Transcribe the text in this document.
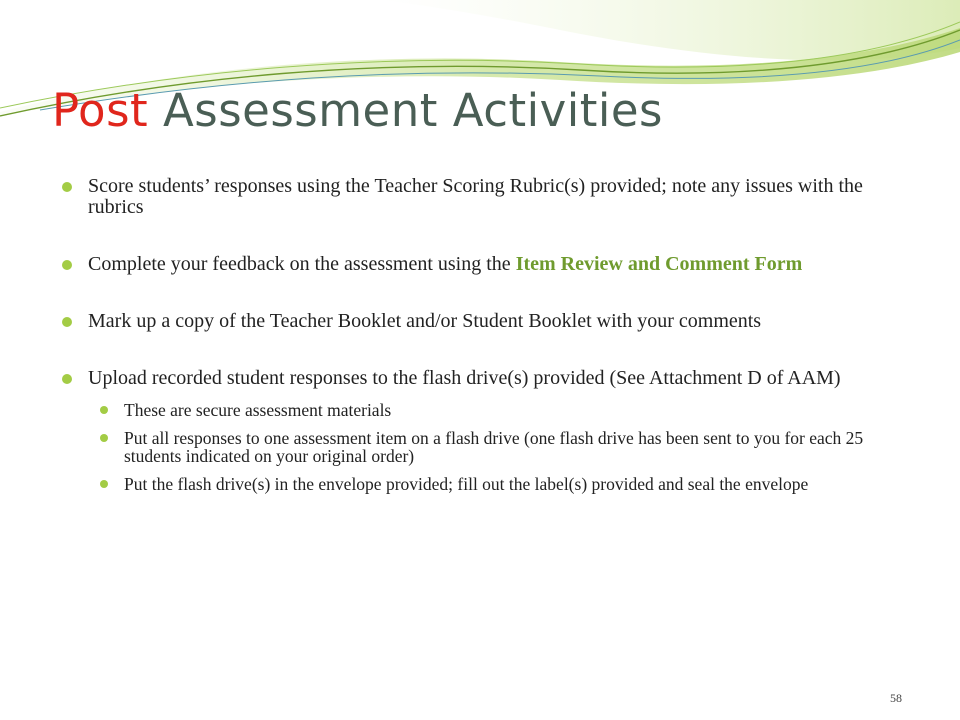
Post Assessment Activities
Score students’ responses using the Teacher Scoring Rubric(s) provided; note any issues with the rubrics
Complete your feedback on the assessment using the Item Review and Comment Form
Mark up a copy of the Teacher Booklet and/or Student Booklet with your comments
Upload recorded student responses to the flash drive(s) provided (See Attachment D of AAM)
These are secure assessment materials
Put all responses to one assessment item on a flash drive (one flash drive has been sent to you for each 25 students indicated on your original order)
Put the flash drive(s) in the envelope provided; fill out the label(s) provided and seal the envelope
58
